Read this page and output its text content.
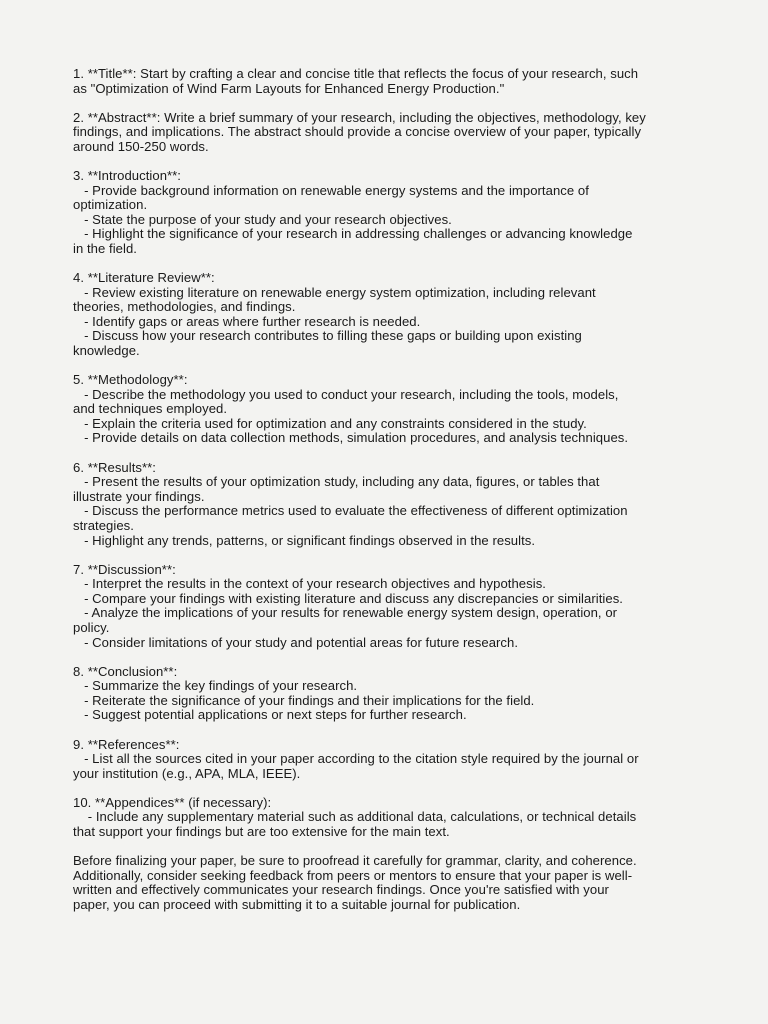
1. **Title**: Start by crafting a clear and concise title that reflects the focus of your research, such
as "Optimization of Wind Farm Layouts for Enhanced Energy Production."
2. **Abstract**: Write a brief summary of your research, including the objectives, methodology, key
findings, and implications. The abstract should provide a concise overview of your paper, typically
around 150-250 words.
3. **Introduction**:
- Provide background information on renewable energy systems and the importance of
optimization.
- State the purpose of your study and your research objectives.
- Highlight the significance of your research in addressing challenges or advancing knowledge
in the field.
4. **Literature Review**:
- Review existing literature on renewable energy system optimization, including relevant
theories, methodologies, and findings.
- Identify gaps or areas where further research is needed.
- Discuss how your research contributes to filling these gaps or building upon existing
knowledge.
5. **Methodology**:
- Describe the methodology you used to conduct your research, including the tools, models,
and techniques employed.
- Explain the criteria used for optimization and any constraints considered in the study.
- Provide details on data collection methods, simulation procedures, and analysis techniques.
6. **Results**:
- Present the results of your optimization study, including any data, figures, or tables that
illustrate your findings.
- Discuss the performance metrics used to evaluate the effectiveness of different optimization
strategies.
- Highlight any trends, patterns, or significant findings observed in the results.
7. **Discussion**:
- Interpret the results in the context of your research objectives and hypothesis.
- Compare your findings with existing literature and discuss any discrepancies or similarities.
- Analyze the implications of your results for renewable energy system design, operation, or
policy.
- Consider limitations of your study and potential areas for future research.
8. **Conclusion**:
- Summarize the key findings of your research.
- Reiterate the significance of your findings and their implications for the field.
- Suggest potential applications or next steps for further research.
9. **References**:
- List all the sources cited in your paper according to the citation style required by the journal or
your institution (e.g., APA, MLA, IEEE).
10. **Appendices** (if necessary):
- Include any supplementary material such as additional data, calculations, or technical details
that support your findings but are too extensive for the main text.
Before finalizing your paper, be sure to proofread it carefully for grammar, clarity, and coherence.
Additionally, consider seeking feedback from peers or mentors to ensure that your paper is well-
written and effectively communicates your research findings. Once you're satisfied with your
paper, you can proceed with submitting it to a suitable journal for publication.
